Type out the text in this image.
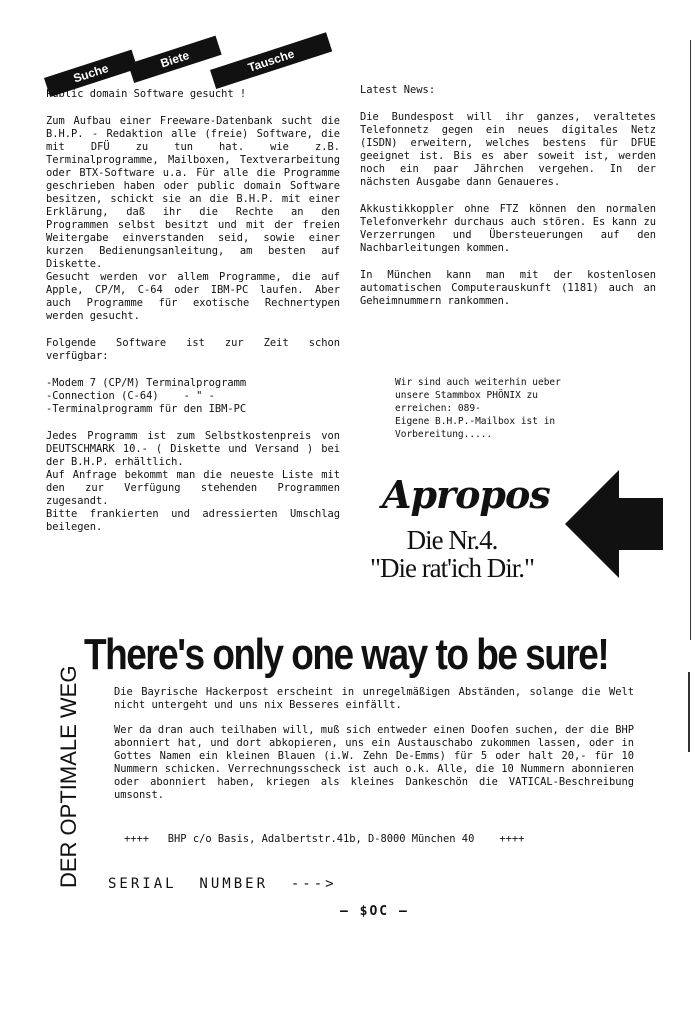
Suche
Biete	Tausche

Public domain Software gesucht !

Zum Aufbau einer Freeware-Datenbank sucht die B.H.P. - Redaktion alle (freie) Software, die mit DFÜ zu tun hat. wie z.B. Terminalprogramme, Mailboxen, Textverarbeitung oder BTX-Software u.a. Für alle die Programme geschrieben haben oder public domain Software besitzen, schickt sie an die B.H.P. mit einer Erklärung, daß ihr die Rechte an den Programmen selbst besitzt und mit der freien Weitergabe einverstanden seid, sowie einer kurzen Bedienungsanleitung, am besten auf Diskette.

Gesucht werden vor allem Programme, die auf Apple, CP/M, C-64 oder IBM-PC laufen. Aber auch Programme für exotische Rechnertypen werden gesucht.

Folgende Software ist zur Zeit schon verfügbar:

-Modem 7 (CP/M) Terminalprogramm
-Connection (C-64)    - " -
-Terminalprogramm für den IBM-PC

Jedes Programm ist zum Selbstkostenpreis von DEUTSCHMARK 10.- ( Diskette und Versand ) bei der B.H.P. erhältlich.

Auf Anfrage bekommt man die neueste Liste mit den zur Verfügung stehenden Programmen zugesandt.

Bitte frankierten und adressierten Umschlag beilegen.

Latest News:

Die Bundespost will ihr ganzes, veraltetes Telefonnetz gegen ein neues digitales Netz (ISDN) erweitern, welches bestens für DFUE geeignet ist. Bis es aber soweit ist, werden noch ein paar Jährchen vergehen. In der nächsten Ausgabe dann Genaueres.

Akkustikkoppler ohne FTZ können den normalen Telefonverkehr durchaus auch stören. Es kann zu Verzerrungen und Übersteuerungen auf den Nachbarleitungen kommen.

In München kann man mit der kostenlosen automatischen Computerauskunft (1181) auch an Geheimnummern rankommen.

Wir sind auch weiterhin ueber
unsere Stammbox PHÖNIX zu
erreichen: 089-
Eigene B.H.P.-Mailbox ist in
Vorbereitung.....
Apropos
Die Nr.4.
"Die rat'ich Dir."
There's only one way to be sure!
DER OPTIMALE WEG	Die Bayrische Hackerpost erscheint in unregelmäßigen Abständen, solange die Welt nicht untergeht und uns nix Besseres einfällt.

Wer da dran auch teilhaben will, muß sich entweder einen Doofen suchen, der die BHP abonniert hat, und dort abkopieren, uns ein Austauschabo zukommen lassen, oder in Gottes Namen ein kleinen Blauen (i.W. Zehn De-Emms) für 5 oder halt 20,- für 10 Nummern schicken. Verrechnungsscheck ist auch o.k. Alle, die 10 Nummern abonnieren oder abonniert haben, kriegen als kleines Dankeschön die VATICAL-Beschreibung umsonst.

++++   BHP c/o Basis, Adalbertstr.41b, D-8000 München 40    ++++
SERIAL  NUMBER  --->
— $OC —
